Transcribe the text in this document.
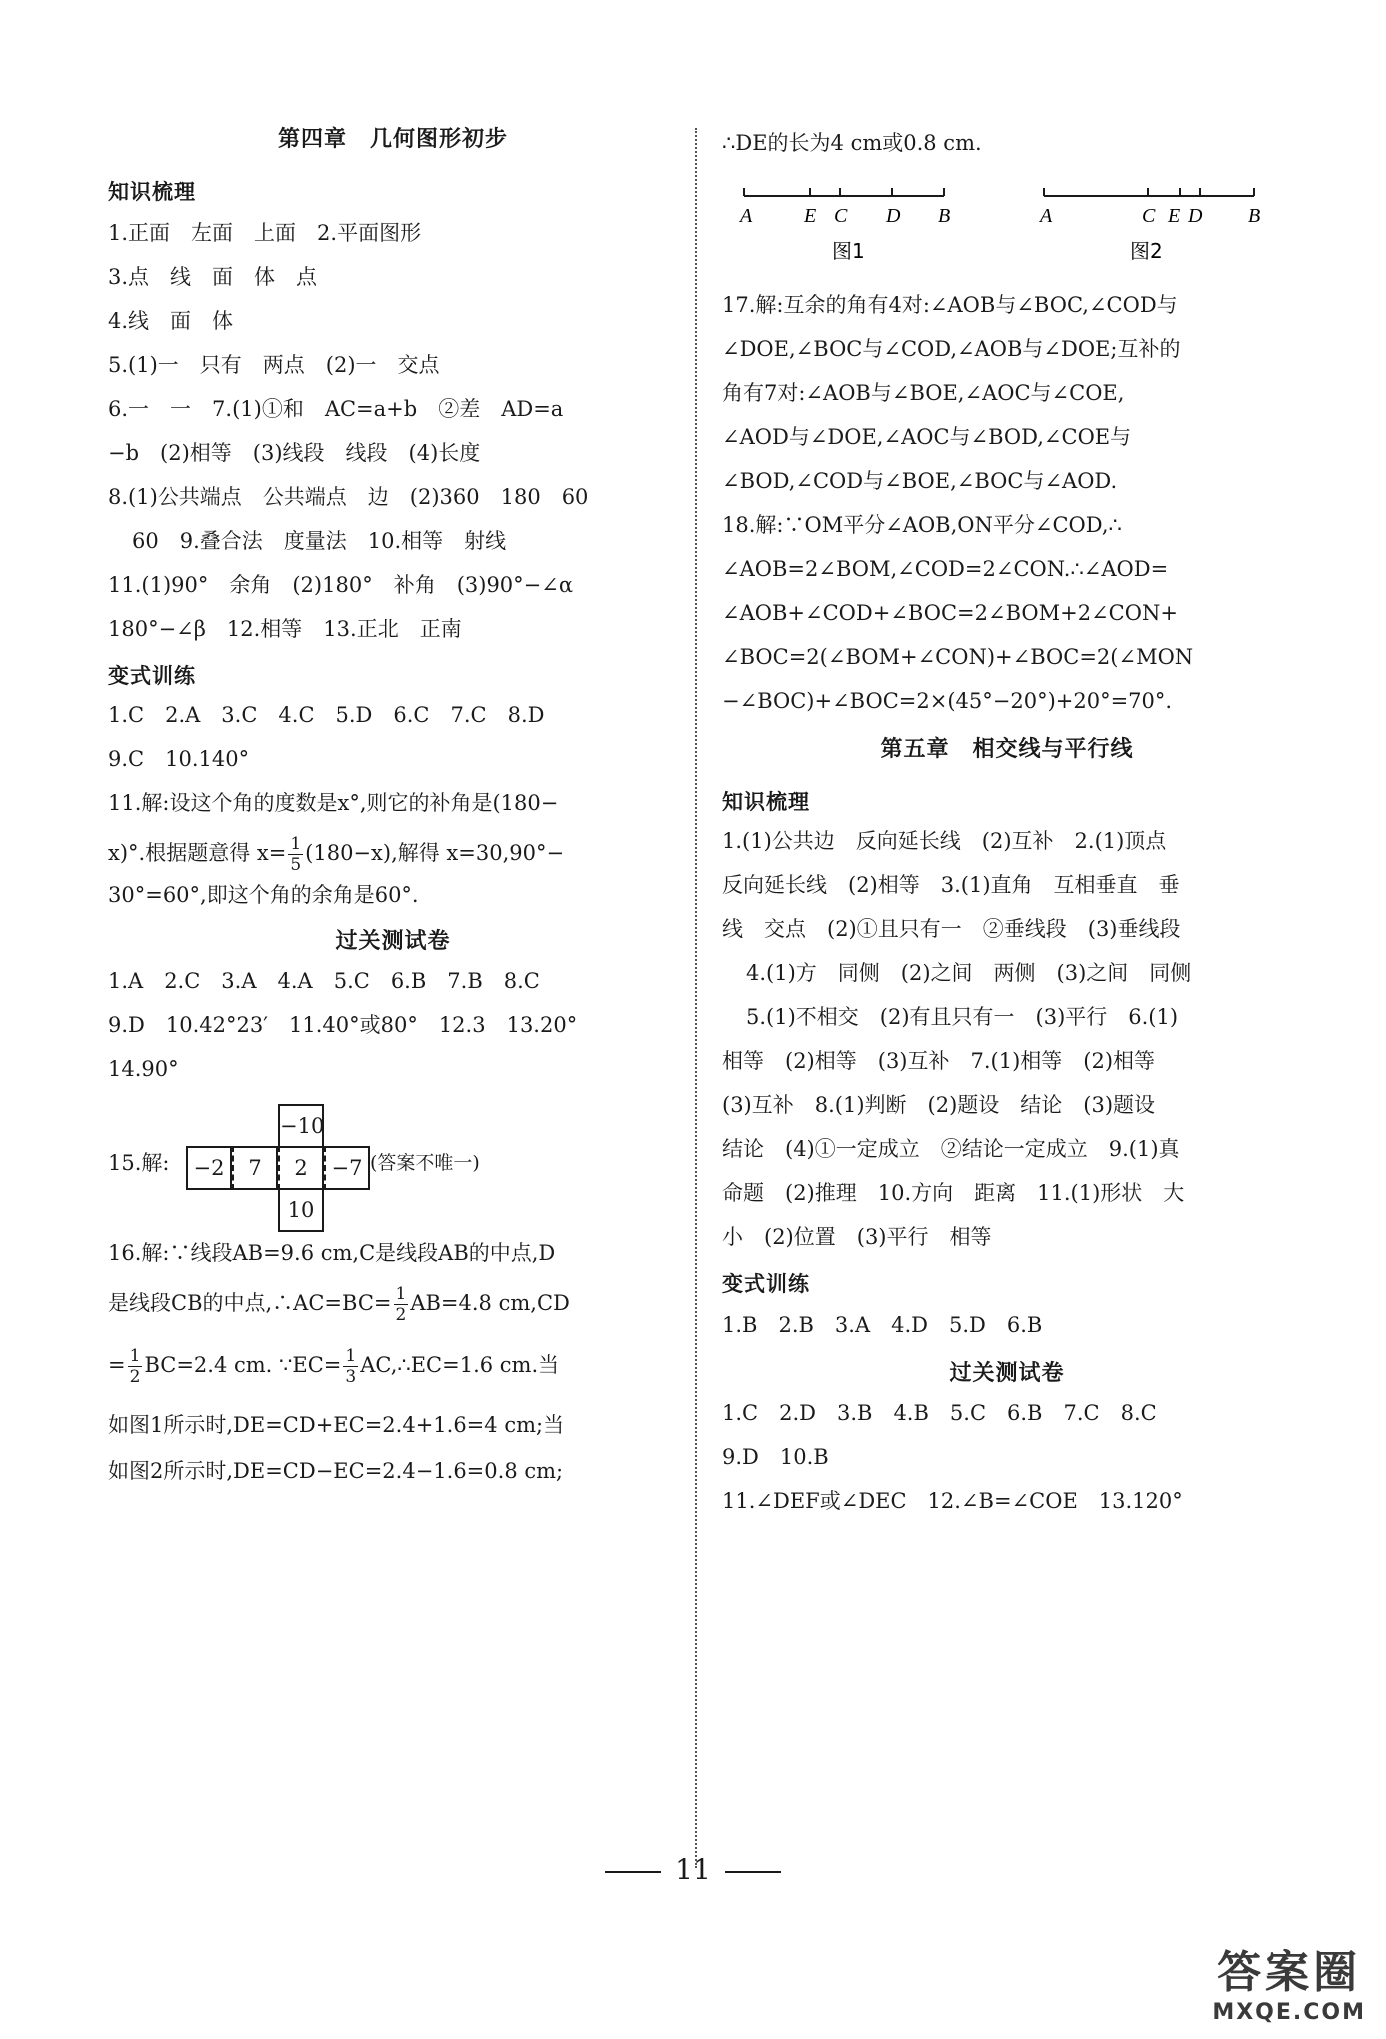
第四章　几何图形初步
知识梳理
1.正面　左面　上面　2.平面图形
3.点　线　面　体　点
4.线　面　体
5.(1)一　只有　两点　(2)一　交点
6.一　一　7.(1)①和　AC=a+b　②差　AD=a
−b　(2)相等　(3)线段　线段　(4)长度
8.(1)公共端点　公共端点　边　(2)360　180　60
60　9.叠合法　度量法　10.相等　射线
11.(1)90°　余角　(2)180°　补角　(3)90°−∠α
180°−∠β　12.相等　13.正北　正南
变式训练
1.C　2.A　3.C　4.C　5.D　6.C　7.C　8.D
9.C　10.140°
11.解:设这个角的度数是x°,则它的补角是(180−
x)°.根据题意得 $x= \frac{1}{5} (180-x)$,解得 x=30,90°−
30°=60°,即这个角的余角是60°.
过关测试卷
1.A　2.C　3.A　4.A　5.C　6.B　7.B　8.C
9.D　10.42°23′　11.40°或80°　12.3　13.20°
14.90°
15.解:
−10
−2	7	2	−7
10
(答案不唯一)
16.解:∵线段AB=9.6 cm,C是线段AB的中点,D
是线段CB的中点,∴AC=BC= $\frac{1}{2} AB=4.8$ cm,CD
= $\frac{1}{2} BC=2.4$ cm. ∵EC= $\frac{1}{3}$ AC,∴EC=1.6 cm.当
如图1所示时,DE=CD+EC=2.4+1.6=4 cm;当
如图2所示时,DE=CD−EC=2.4−1.6=0.8 cm;
∴DE的长为4 cm或0.8 cm.
A	E C D B
图1
A	C E D B
图2
17.解:互余的角有4对:∠AOB与∠BOC,∠COD与
∠DOE,∠BOC与∠COD,∠AOB与∠DOE;互补的
角有7对:∠AOB与∠BOE,∠AOC与∠COE,
∠AOD与∠DOE,∠AOC与∠BOD,∠COE与
∠BOD,∠COD与∠BOE,∠BOC与∠AOD.
18.解:∵OM平分∠AOB,ON平分∠COD,∴
∠AOB=2∠BOM,∠COD=2∠CON.∴∠AOD=
∠AOB+∠COD+∠BOC=2∠BOM+2∠CON+
∠BOC=2(∠BOM+∠CON)+∠BOC=2(∠MON
−∠BOC)+∠BOC=2×(45°−20°)+20°=70°.
第五章　相交线与平行线
知识梳理
1.(1)公共边　反向延长线　(2)互补　2.(1)顶点
反向延长线　(2)相等　3.(1)直角　互相垂直　垂
线　交点　(2)①且只有一　②垂线段　(3)垂线段
4.(1)方　同侧　(2)之间　两侧　(3)之间　同侧
5.(1)不相交　(2)有且只有一　(3)平行　6.(1)
相等　(2)相等　(3)互补　7.(1)相等　(2)相等
(3)互补　8.(1)判断　(2)题设　结论　(3)题设
结论　(4)①一定成立　②结论一定成立　9.(1)真
命题　(2)推理　10.方向　距离　11.(1)形状　大
小　(2)位置　(3)平行　相等
变式训练
1.B　2.B　3.A　4.D　5.D　6.B
过关测试卷
1.C　2.D　3.B　4.B　5.C　6.B　7.C　8.C
9.D　10.B
11.∠DEF或∠DEC　12.∠B=∠COE　13.120°
11
答案圈
MXQE.COM
